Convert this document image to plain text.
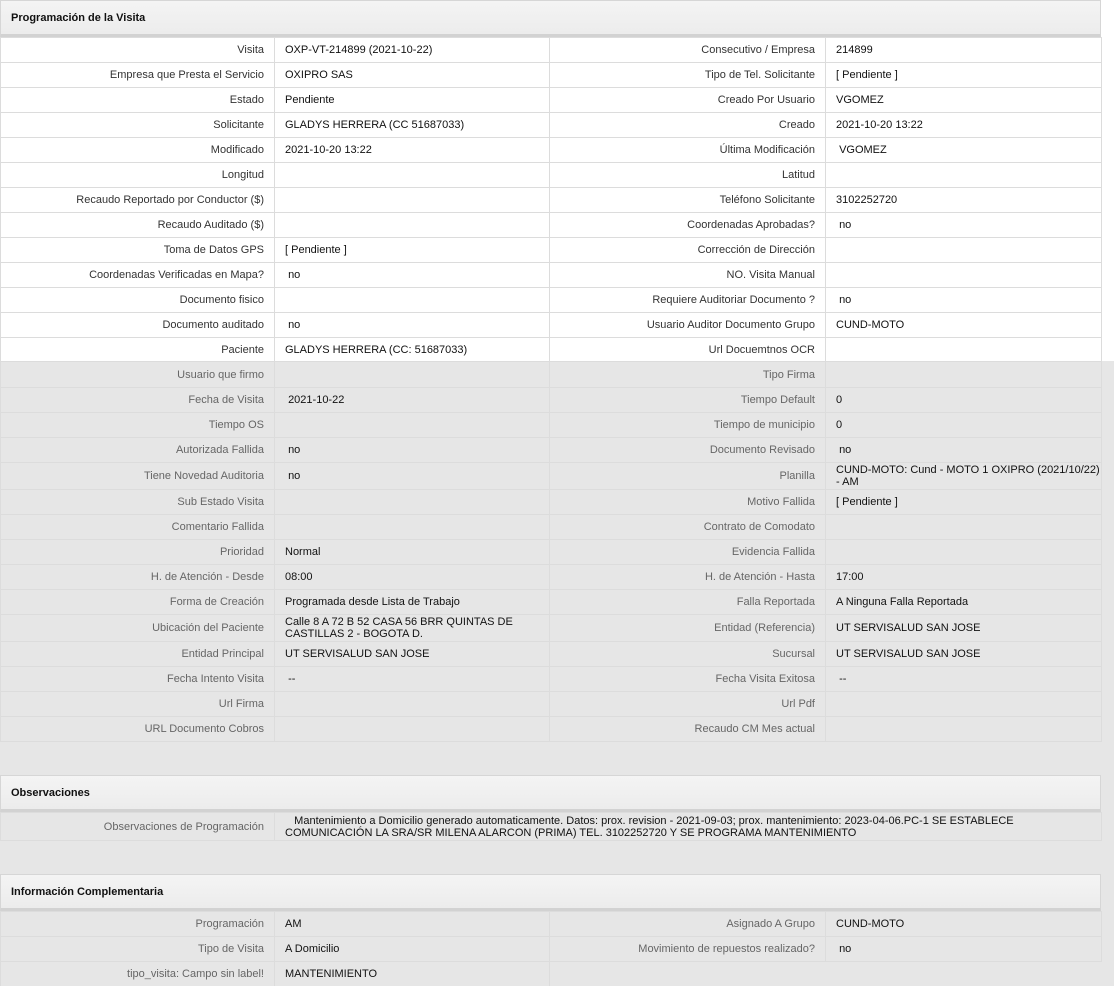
Programación de la Visita
Visita	OXP-VT-214899 (2021-10-22)	Consecutivo / Empresa	214899
Empresa que Presta el Servicio	OXIPRO SAS	Tipo de Tel. Solicitante	[ Pendiente ]
Estado	Pendiente	Creado Por Usuario	VGOMEZ
Solicitante	GLADYS HERRERA (CC 51687033)	Creado	2021-10-20 13:22
Modificado	2021-10-20 13:22	Última Modificación	VGOMEZ
Longitud		Latitud	
Recaudo Reportado por Conductor ($)		Teléfono Solicitante	3102252720
Recaudo Auditado ($)		Coordenadas Aprobadas?	no
Toma de Datos GPS	[ Pendiente ]	Corrección de Dirección	
Coordenadas Verificadas en Mapa?	no	NO. Visita Manual	
Documento fisico		Requiere Auditoriar Documento ?	no
Documento auditado	no	Usuario Auditor Documento Grupo	CUND-MOTO
Paciente	GLADYS HERRERA (CC: 51687033)	Url Docuemtnos OCR	
Usuario que firmo		Tipo Firma	
Fecha de Visita	2021-10-22	Tiempo Default	0
Tiempo OS		Tiempo de municipio	0
Autorizada Fallida	no	Documento Revisado	no
Tiene Novedad Auditoria	no	Planilla	CUND-MOTO: Cund - MOTO 1 OXIPRO (2021/10/22) - AM
Sub Estado Visita		Motivo Fallida	[ Pendiente ]
Comentario Fallida		Contrato de Comodato	
Prioridad	Normal	Evidencia Fallida	
H. de Atención - Desde	08:00	H. de Atención - Hasta	17:00
Forma de Creación	Programada desde Lista de Trabajo	Falla Reportada	A Ninguna Falla Reportada
Ubicación del Paciente	Calle 8 A 72 B 52 CASA 56 BRR QUINTAS DE CASTILLAS 2 - BOGOTA D.	Entidad (Referencia)	UT SERVISALUD SAN JOSE
Entidad Principal	UT SERVISALUD SAN JOSE	Sucursal	UT SERVISALUD SAN JOSE
Fecha Intento Visita	--	Fecha Visita Exitosa	--
Url Firma		Url Pdf	
URL Documento Cobros		Recaudo CM Mes actual	
Observaciones
Observaciones de Programación	Mantenimiento a Domicilio generado automaticamente. Datos: prox. revision - 2021-09-03; prox. mantenimiento: 2023-04-06.PC-1 SE ESTABLECE COMUNICACIÓN LA SRA/SR MILENA ALARCON (PRIMA) TEL. 3102252720 Y SE PROGRAMA MANTENIMIENTO
Información Complementaria
Programación	AM	Asignado A Grupo	CUND-MOTO
Tipo de Visita	A Domicilio	Movimiento de repuestos realizado?	no
tipo_visita: Campo sin label!	MANTENIMIENTO		
